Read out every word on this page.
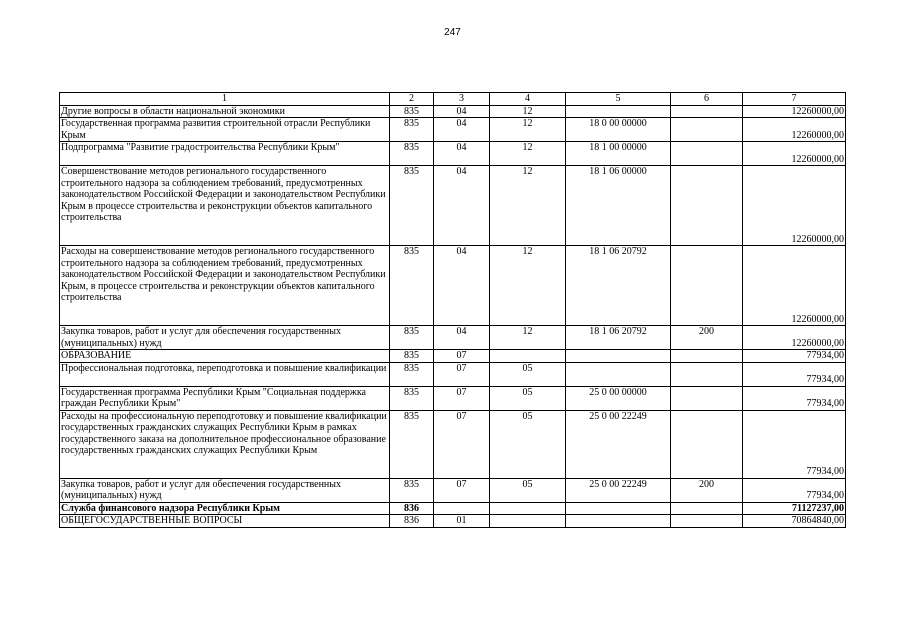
247
1	2	3	4	5	6	7
Другие вопросы в области национальной экономики	835	04	12			12260000,00
Государственная программа развития строительной отрасли Республики Крым	835	04	12	18 0 00 00000		12260000,00
Подпрограмма "Развитие градостроительства Республики Крым"	835	04	12	18 1 00 00000		12260000,00
Совершенствование методов регионального государственного строительного надзора за соблюдением требований, предусмотренных законодательством Российской Федерации и законодательством Республики Крым в процессе строительства и реконструкции объектов капитального строительства	835	04	12	18 1 06 00000		12260000,00
Расходы на совершенствование методов регионального государственного строительного надзора за соблюдением требований, предусмотренных законодательством Российской Федерации и законодательством Республики Крым, в процессе строительства и реконструкции объектов капитального строительства	835	04	12	18 1 06 20792		12260000,00
Закупка товаров, работ и услуг для обеспечения государственных (муниципальных) нужд	835	04	12	18 1 06 20792	200	12260000,00
ОБРАЗОВАНИЕ	835	07				77934,00
Профессиональная подготовка, переподготовка и повышение квалификации	835	07	05			77934,00
Государственная программа Республики Крым "Социальная поддержка граждан Республики Крым"	835	07	05	25 0 00 00000		77934,00
Расходы на профессиональную переподготовку и повышение квалификации государственных гражданских служащих Республики Крым в рамках государственного заказа на дополнительное профессиональное образование государственных гражданских служащих Республики Крым	835	07	05	25 0 00 22249		77934,00
Закупка товаров, работ и услуг для обеспечения государственных (муниципальных) нужд	835	07	05	25 0 00 22249	200	77934,00
Служба финансового надзора Республики Крым	836					71127237,00
ОБЩЕГОСУДАРСТВЕННЫЕ ВОПРОСЫ	836	01				70864840,00
